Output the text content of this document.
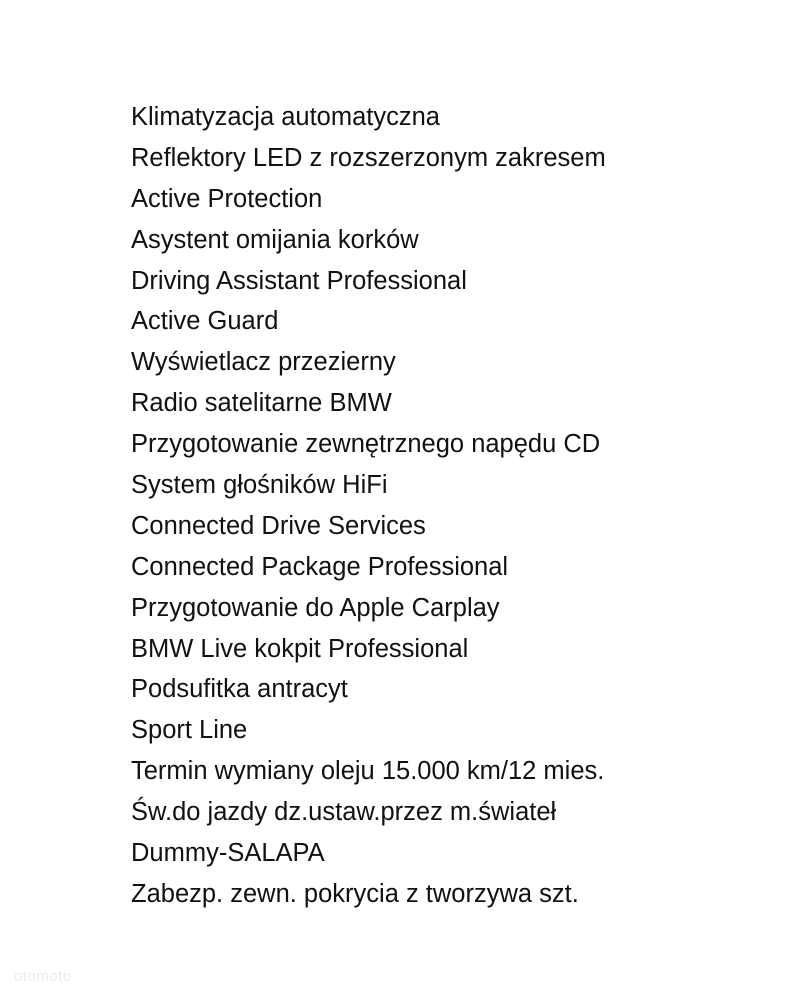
Klimatyzacja automatyczna
Reflektory LED z rozszerzonym zakresem
Active Protection
Asystent omijania korków
Driving Assistant Professional
Active Guard
Wyświetlacz przezierny
Radio satelitarne BMW
Przygotowanie zewnętrznego napędu CD
System głośników HiFi
Connected Drive Services
Connected Package Professional
Przygotowanie do Apple Carplay
BMW Live kokpit Professional
Podsufitka antracyt
Sport Line
Termin wymiany oleju 15.000 km/12 mies.
Św.do jazdy dz.ustaw.przez m.świateł
Dummy-SALAPA
Zabezp. zewn. pokrycia z tworzywa szt.
otomoto
